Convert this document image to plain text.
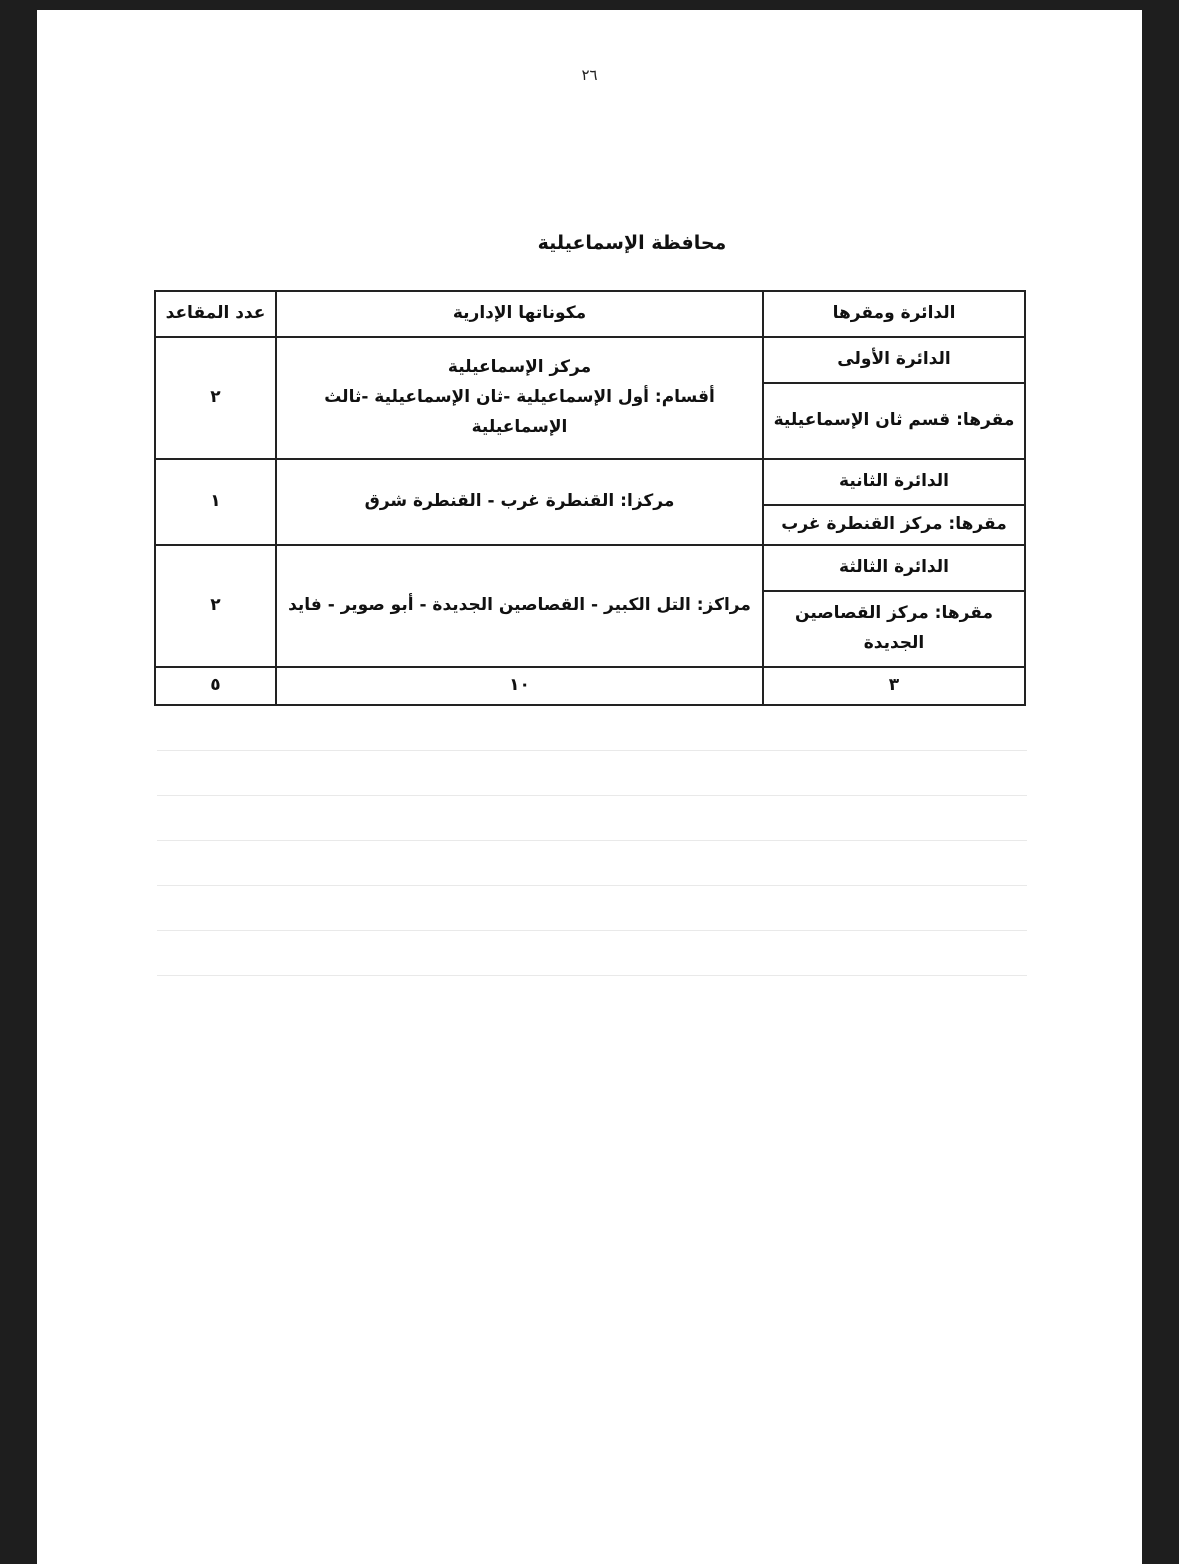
٢٦
محافظة الإسماعيلية
الدائرة ومقرها	مكوناتها الإدارية	عدد المقاعد
الدائرة الأولى	مركز الإسماعيلية
أقسام: أول الإسماعيلية -ثان الإسماعيلية -ثالث الإسماعيلية	٢
مقرها: قسم ثان الإسماعيلية		
الدائرة الثانية	مركزا: القنطرة غرب - القنطرة شرق	١
مقرها: مركز القنطرة غرب		
الدائرة الثالثة	مراكز: التل الكبير - القصاصين الجديدة - أبو صوير - فايد	٢
مقرها: مركز القصاصين الجديدة		
٣	١٠	٥
